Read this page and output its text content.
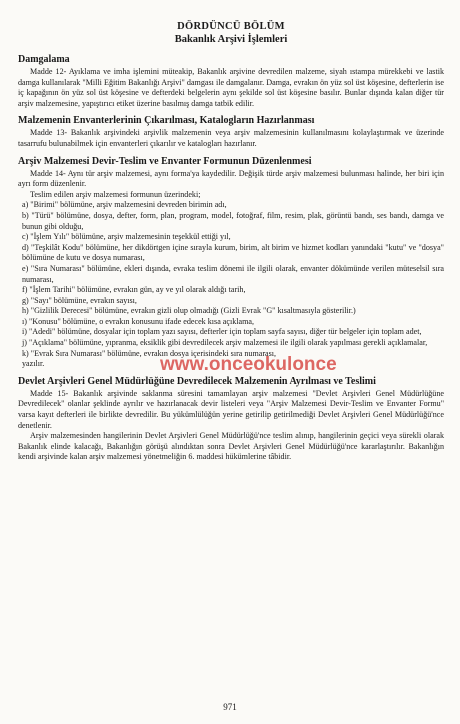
DÖRDÜNCÜ BÖLÜM
Bakanlık Arşivi İşlemleri
Damgalama

Madde 12- Ayıklama ve imha işlemini müteakip, Bakanlık arşivine devredilen malzeme, siyah ıstampa mürekkebi ve lastik damga kullanılarak "Milli Eğitim Bakanlığı Arşivi" damgası ile damgalanır. Damga, evrakın ön yüz sol üst köşesine, defterlerin ise iç kapağının ön yüz sol üst köşesine ve defterdeki belgelerin aynı şekilde sol üst köşesine basılır. Bunlar dışında kalan diğer tür arşiv malzemesine, yapıştırıcı etiket üzerine basılmış damga tatbik edilir.

Malzemenin Envanterlerinin Çıkarılması, Katalogların Hazırlanması

Madde 13- Bakanlık arşivindeki arşivlik malzemenin veya arşiv malzemesinin kullanılmasını kolaylaştırmak ve üzerinde tasarrufu bulunabilmek için envanterleri çıkarılır ve katalogları hazırlanır.

Arşiv Malzemesi Devir-Teslim ve Envanter Formunun Düzenlenmesi

Madde 14- Aynı tür arşiv malzemesi, aynı forma'ya kaydedilir. Değişik türde arşiv malzemesi bulunması halinde, her biri için ayrı form düzenlenir.

Teslim edilen arşiv malzemesi formunun üzerindeki;

a) "Birimi" bölümüne, arşiv malzemesini devreden birimin adı,
b) "Türü" bölümüne, dosya, defter, form, plan, program, model, fotoğraf, film, resim, plak, görüntü bandı, ses bandı, damga ve bunun gibi olduğu,
c) "İşlem Yılı" bölümüne, arşiv malzemesinin teşekkül ettiği yıl,
d) "Teşkilât Kodu" bölümüne, her dikdörtgen içine sırayla kurum, birim, alt birim ve hizmet kodları yanındaki "kutu" ve "dosya" bölümüne de kutu ve dosya numarası,
e) "Sıra Numarası" bölümüne, ekleri dışında, evraka teslim dönemi ile ilgili olarak, envanter dökümünde verilen müteselsil sıra numarası,
f) "İşlem Tarihi" bölümüne, evrakın gün, ay ve yıl olarak aldığı tarih,
g) "Sayı" bölümüne, evrakın sayısı,
h) "Gizlilik Derecesi" bölümüne, evrakın gizli olup olmadığı (Gizli Evrak "G" kısaltmasıyla gösterilir.)
ı) "Konusu" bölümüne, o evrakın konusunu ifade edecek kısa açıklama,
i) "Adedi" bölümüne, dosyalar için toplam yazı sayısı, defterler için toplam sayfa sayısı, diğer tür belgeler için toplam adet,
j) "Açıklama" bölümüne, yıpranma, eksiklik gibi devredilecek arşiv malzemesi ile ilgili olarak yapılması gerekli açıklamalar,
k) "Evrak Sıra Numarası" bölümüne, evrakın dosya içerisindeki sıra numarası,
yazılır.
Devlet Arşivleri Genel Müdürlüğüne Devredilecek Malzemenin Ayrılması ve Teslimi

Madde 15- Bakanlık arşivinde saklanma süresini tamamlayan arşiv malzemesi "Devlet Arşivleri Genel Müdürlüğüne Devredilecek" olanlar şeklinde ayrılır ve hazırlanacak devir listeleri veya "Arşiv Malzemesi Devir-Teslim ve Envanter Formu" varsa kayıt defterleri ile birlikte devredilir. Bu yükümlülüğün yerine getirilip getirilmediği Devlet Arşivleri Genel Müdürlüğü'nce denetlenir.

Arşiv malzemesinden hangilerinin Devlet Arşivleri Genel Müdürlüğü'nce teslim alınıp, hangilerinin geçici veya sürekli olarak Bakanlık elinde kalacağı, Bakanlığın görüşü alındıktan sonra Devlet Arşivleri Genel Müdürlüğü'nce kararlaştırılır. Bakanlığın kendi arşivinde kalan arşiv malzemesi yönetmeliğin 6. maddesi hükümlerine tâbidir.

www.onceokulonce
971
